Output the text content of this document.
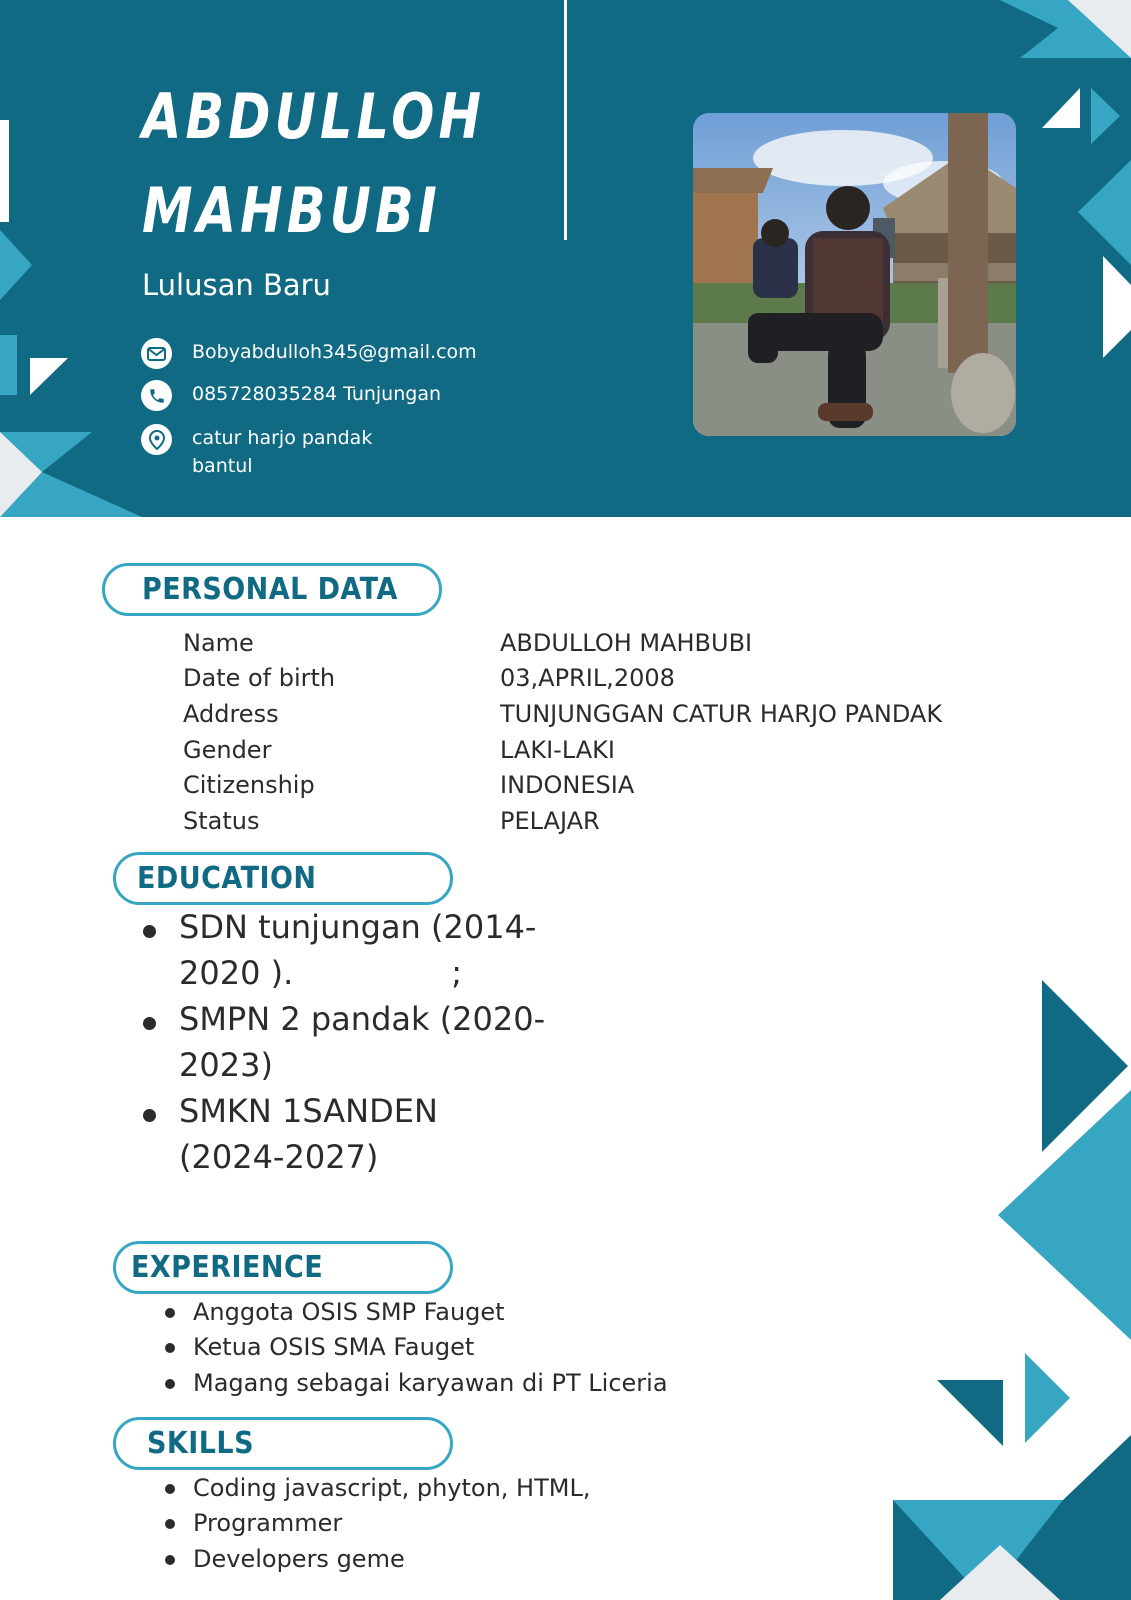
ABDULLOH
MAHBUBI
Lulusan Baru
Bobyabdulloh345@gmail.com
085728035284 Tunjungan
catur harjo pandak
bantul
PERSONAL DATA
Name	ABDULLOH MAHBUBI
Date of birth	03,APRIL,2008
Address	TUNJUNGGAN CATUR HARJO PANDAK
Gender	LAKI-LAKI
Citizenship	INDONESIA
Status	PELAJAR
EDUCATION
SDN tunjungan (2014-
2020 ).	;
SMPN 2 pandak (2020-
2023)
SMKN 1SANDEN
(2024-2027)
EXPERIENCE
Anggota OSIS SMP Fauget
Ketua OSIS SMA Fauget
Magang sebagai karyawan di PT Liceria
SKILLS
Coding javascript, phyton, HTML,
Programmer
Developers geme
